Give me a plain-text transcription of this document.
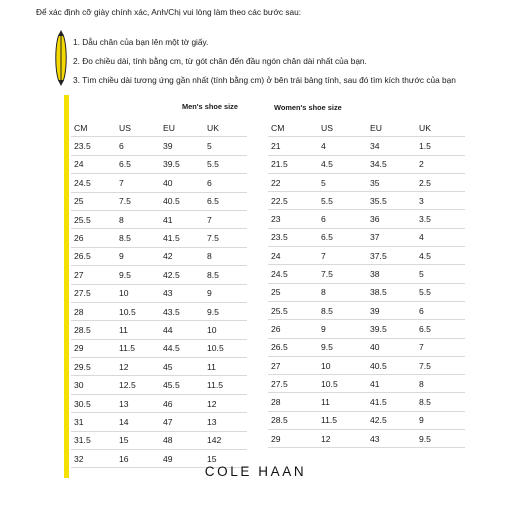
Để xác định cỡ giày chính xác, Anh/Chị vui lòng làm theo các bước sau:
1. Dẫu chân của bạn lên một tờ giấy.
2. Đo chiều dài, tính bằng cm, từ gót chân đến đầu ngón chân dài nhất của bạn.
3. Tìm chiều dài tương ứng gần nhất (tính bằng cm) ở bên trái bảng tính, sau đó tìm kích thước của bạn
Men's shoe size	Women's shoe size
CM	US	EU	UK
23.5	6	39	5
24	6.5	39.5	5.5
24.5	7	40	6
25	7.5	40.5	6.5
25.5	8	41	7
26	8.5	41.5	7.5
26.5	9	42	8
27	9.5	42.5	8.5
27.5	10	43	9
28	10.5	43.5	9.5
28.5	11	44	10
29	11.5	44.5	10.5
29.5	12	45	11
30	12.5	45.5	11.5
30.5	13	46	12
31	14	47	13
31.5	15	48	142
32	16	49	15
CM	US	EU	UK
21	4	34	1.5
21.5	4.5	34.5	2
22	5	35	2.5
22.5	5.5	35.5	3
23	6	36	3.5
23.5	6.5	37	4
24	7	37.5	4.5
24.5	7.5	38	5
25	8	38.5	5.5
25.5	8.5	39	6
26	9	39.5	6.5
26.5	9.5	40	7
27	10	40.5	7.5
27.5	10.5	41	8
28	11	41.5	8.5
28.5	11.5	42.5	9
29	12	43	9.5
COLE HAAN
